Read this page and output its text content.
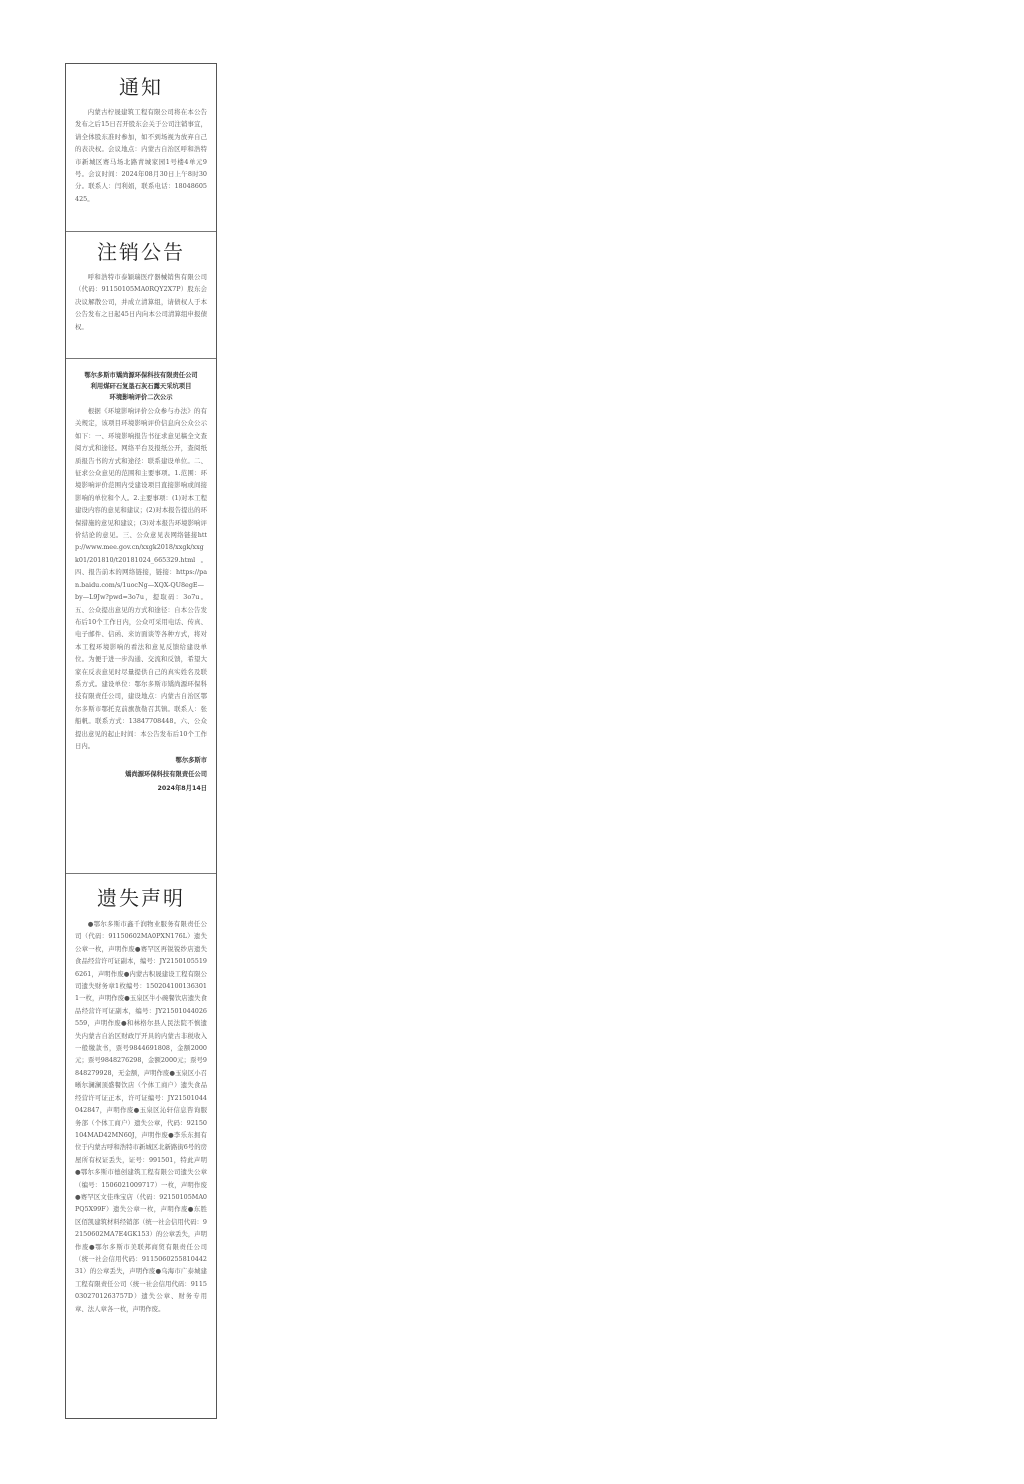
通知

内蒙古柠晟建筑工程有限公司将在本公告发布之后15日召开股东会关于公司注销事宜，请全体股东准时参加，如不到场视为放弃自己的表决权。会议地点：内蒙古自治区呼和浩特市新城区赛马场北路青城家园1号楼4单元9号。会议时间：2024年08月30日上午8时30分。联系人：闫利娟，联系电话：18048605425。

注销公告

呼和浩特市泰颖瑞医疗器械销售有限公司（代码：91150105MA0RQY2X7P）股东会决议解散公司，并成立清算组，请债权人于本公告发布之日起45日内向本公司清算组申报债权。

鄂尔多斯市矯尚源环保科技有限责任公司

利用煤矸石复垦石灰石露天采坑项目

环境影响评价二次公示

根据《环境影响评价公众参与办法》的有关规定，该项目环境影响评价信息向公众公示如下：一、环境影响报告书征求意见稿全文查阅方式和途径。网络平台及报纸公开，查阅纸质报告书的方式和途径：联系建设单位。二、征求公众意见的范围和主要事项。1.范围：环境影响评价范围内受建设项目直接影响或间接影响的单位和个人。2.主要事项：(1)对本工程建设内容的意见和建议；(2)对本报告提出的环保措施的意见和建议；(3)对本报告环境影响评价结论的意见。三、公众意见表网络链接http://www.mee.gov.cn/xxgk2018/xxgk/xxgk01/201810/t20181024_665329.html。四、报告前本的网络链接，链接：https://pan.baidu.com/s/1uocNg—XQX-QU8egE—by—L9Jw?pwd=3o7u，提取码：3o7u。五、公众提出意见的方式和途径：自本公告发布后10个工作日内，公众可采用电话、传真、电子邮件、信函、来访面谈等各种方式，将对本工程环境影响的看法和意见反馈给建设单位。为便于进一步沟通、交流和反馈，希望大家在反表意见时尽量提供自己的真实姓名及联系方式。建设单位：鄂尔多斯市矯尚源环保科技有限责任公司，建设地点：内蒙古自治区鄂尔多斯市鄂托克前旗敖勒召其镇。联系人：张船帆。联系方式：13847708448。六、公众提出意见的起止时间：本公告发布后10个工作日内。

鄂尔多斯市
矯尚源环保科技有限责任公司
2024年8月14日
遗失声明

●鄂尔多斯市鑫千润物业服务有限责任公司（代码：91150602MA0PXN176L）遗失公章一枚，声明作废●赛罕区再锐锐纱店遗失食品经营许可证副本，编号：JY21501055196261，声明作废●内蒙古积晟建设工程有限公司遗失财务章1枚编号：1502041001363011一枚，声明作废●玉泉区牛小碗餐饮店遗失食品经营许可证副本，编号：JY21501044026559，声明作废●和林格尔县人民法院不慎遗失内蒙古自治区财政厅开具的内蒙古非税收入一般缴款书，票号9844691808，金额2000元；票号9848276298，金额2000元；票号9848279928，无金额，声明作废●玉泉区小召晰尔澜澜顶盛餐饮店（个体工商户）遗失食品经营许可证正本，许可证编号：JY21501044042847，声明作废●玉泉区沁轩信息咨询服务部（个体工商户）遗失公章，代码：92150104MAD42MN60J，声明作废●李乐东拥有位于内蒙古呼和浩特市新城区北新路街6号的房屋所有权证丢失，证号：991501，特此声明●鄂尔多斯市德创建筑工程有限公司遗失公章（编号：1506021009717）一枚，声明作废●赛罕区文佳珠宝店（代码：92150105MA0PQ5X99F）遗失公章一枚，声明作废●东胜区佰凯建筑材料经销部（统一社会信用代码：92150602MA7E4GK153）的公章丢失，声明作废●鄂尔多斯市美联邦商贸有限责任公司（统一社会信用代码：911506025581044231）的公章丢失，声明作废●乌海市广泰城建工程有限责任公司（统一社会信用代码：91150302701263757D）遗失公章、财务专用章、法人章各一枚，声明作废。
